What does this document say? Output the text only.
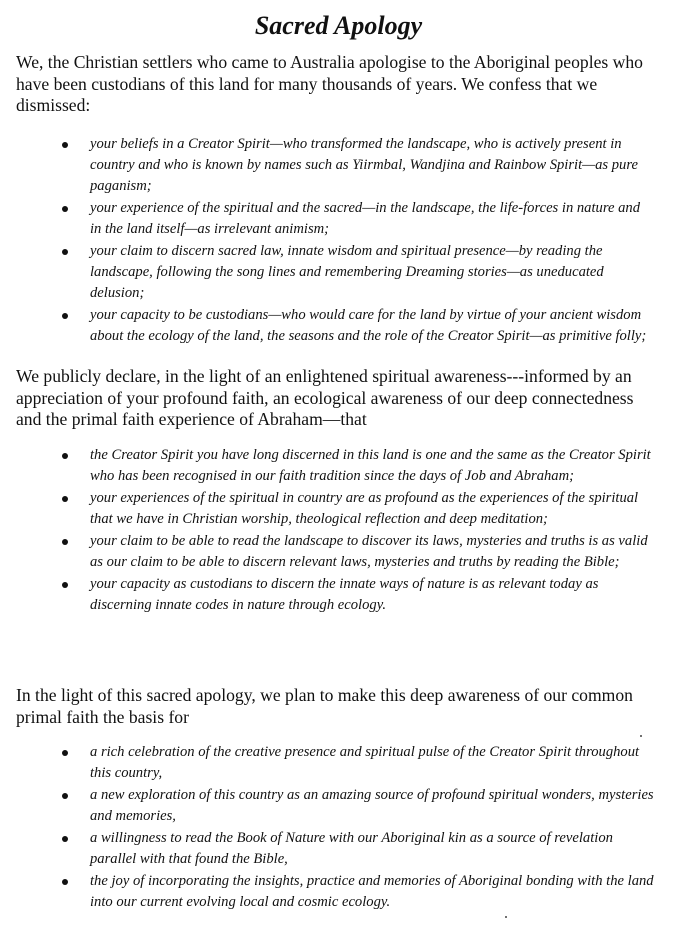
Sacred Apology

We, the Christian settlers who came to Australia apologise to the Aboriginal peoples who have been custodians of this land for many thousands of years. We confess that we dismissed:

your beliefs in a Creator Spirit—who transformed the landscape, who is actively present in country and who is known by names such as Yiirmbal, Wandjina and Rainbow Spirit—as pure paganism;
your experience of the spiritual and the sacred—in the landscape, the life-forces in nature and in the land itself—as irrelevant animism;
your claim to discern sacred law, innate wisdom and spiritual presence—by reading the landscape, following the song lines and remembering Dreaming stories—as uneducated delusion;
your capacity to be custodians—who would care for the land by virtue of your ancient wisdom about the ecology of the land, the seasons and the role of the Creator Spirit—as primitive folly;

We publicly declare, in the light of an enlightened spiritual awareness---informed by an appreciation of your profound faith, an ecological awareness of our deep connectedness and the primal faith experience of Abraham—that

the Creator Spirit you have long discerned in this land is one and the same as the Creator Spirit who has been recognised in our faith tradition since the days of Job and Abraham;
your experiences of the spiritual in country are as profound as the experiences of the spiritual that we have in Christian worship, theological reflection and deep meditation;
your claim to be able to read the landscape to discover its laws, mysteries and truths is as valid as our claim to be able to discern relevant laws, mysteries and truths by reading the Bible;
your capacity as custodians to discern the innate ways of nature is as relevant today as discerning innate codes in nature through ecology.

In the light of this sacred apology, we plan to make this deep awareness of our common primal faith the basis for

a rich celebration of the creative presence and spiritual pulse of the Creator Spirit throughout this country,
a new exploration of this country as an amazing source of profound spiritual wonders, mysteries and memories,
a willingness to read the Book of Nature with our Aboriginal kin as a source of revelation parallel with that found the Bible,
the joy of incorporating the insights, practice and memories of Aboriginal bonding with the land into our current evolving local and cosmic ecology.
